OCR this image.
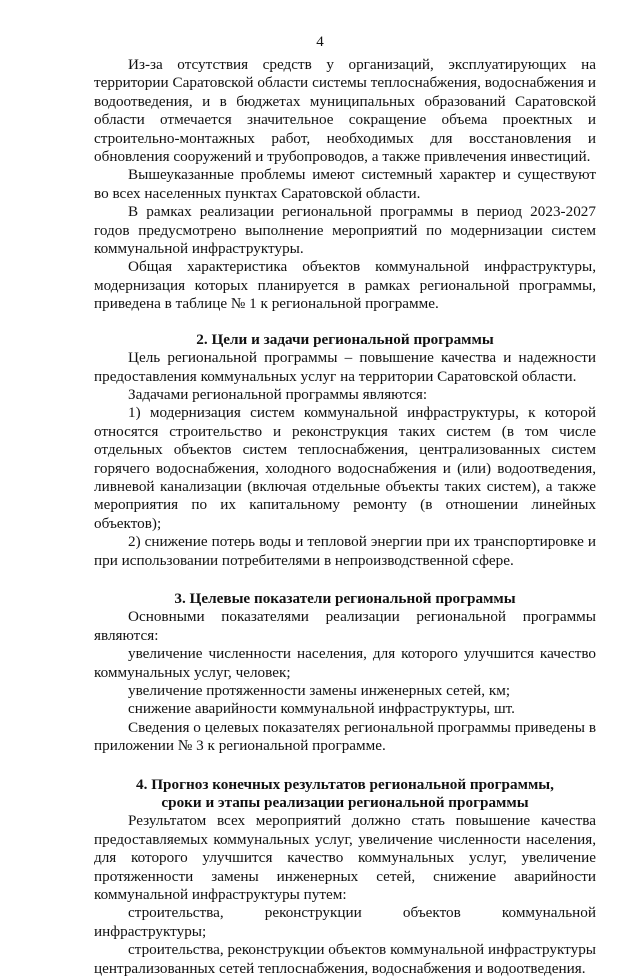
4

Из-за отсутствия средств у организаций, эксплуатирующих на территории Саратовской области системы теплоснабжения, водоснабжения и водоотведения, и в бюджетах муниципальных образований Саратовской области отмечается значительное сокращение объема проектных и строительно-монтажных работ, необходимых для восстановления и обновления сооружений и трубопроводов, а также привлечения инвестиций.

Вышеуказанные проблемы имеют системный характер и существуют во всех населенных пунктах Саратовской области.

В рамках реализации региональной программы в период 2023-2027 годов предусмотрено выполнение мероприятий по модернизации систем коммунальной инфраструктуры.

Общая характеристика объектов коммунальной инфраструктуры, модернизация которых планируется в рамках региональной программы, приведена в таблице № 1 к региональной программе.

2. Цели и задачи региональной программы

Цель региональной программы – повышение качества и надежности предоставления коммунальных услуг на территории Саратовской области.

Задачами региональной программы являются:

1) модернизация систем коммунальной инфраструктуры, к которой относятся строительство и реконструкция таких систем (в том числе отдельных объектов систем теплоснабжения, централизованных систем горячего водоснабжения, холодного водоснабжения и (или) водоотведения, ливневой канализации (включая отдельные объекты таких систем), а также мероприятия по их капитальному ремонту (в отношении линейных объектов);

2) снижение потерь воды и тепловой энергии при их транспортировке и при использовании потребителями в непроизводственной сфере.

3. Целевые показатели региональной программы

Основными показателями реализации региональной программы являются:

увеличение численности населения, для которого улучшится качество коммунальных услуг, человек;

увеличение протяженности замены инженерных сетей, км;

снижение аварийности коммунальной инфраструктуры, шт.

Сведения о целевых показателях региональной программы приведены в приложении № 3 к региональной программе.

4. Прогноз конечных результатов региональной программы,
сроки и этапы реализации региональной программы

Результатом всех мероприятий должно стать повышение качества предоставляемых коммунальных услуг, увеличение численности населения, для которого улучшится качество коммунальных услуг, увеличение протяженности замены инженерных сетей, снижение аварийности коммунальной инфраструктуры путем:

строительства, реконструкции объектов коммунальной инфраструктуры;

строительства, реконструкции объектов коммунальной инфраструктуры централизованных сетей теплоснабжения, водоснабжения и водоотведения.
